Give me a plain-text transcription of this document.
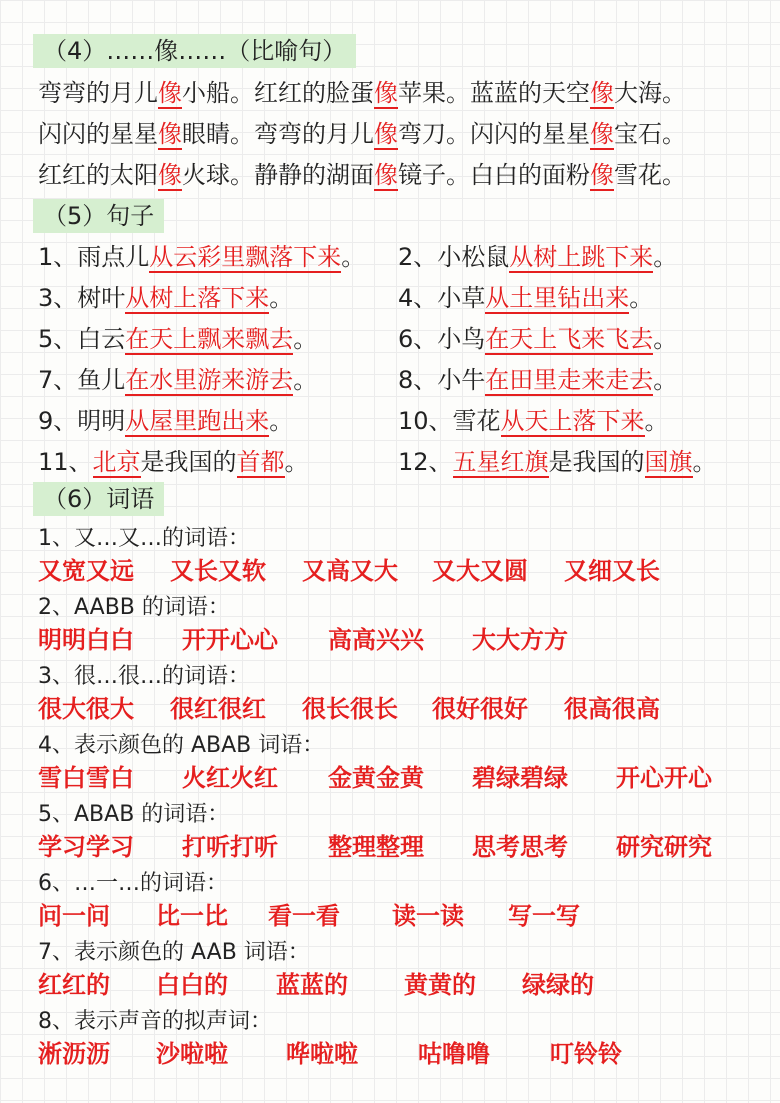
（4）……像……（比喻句）
弯弯的月儿像小船。红红的脸蛋像苹果。蓝蓝的天空像大海。
闪闪的星星像眼睛。弯弯的月儿像弯刀。闪闪的星星像宝石。
红红的太阳像火球。静静的湖面像镜子。白白的面粉像雪花。
（5）句子
1、雨点儿从云彩里飘落下来。 2、小松鼠从树上跳下来。
3、树叶从树上落下来。	4、小草从土里钻出来。
5、白云在天上飘来飘去。	6、小鸟在天上飞来飞去。
7、鱼儿在水里游来游去。	8、小牛在田里走来走去。
9、明明从屋里跑出来。	10、雪花从天上落下来。
11、北京是我国的首都。	12、五星红旗是我国的国旗。
（6）词语
1、又…又…的词语：
又宽又远 又长又软 又高又大 又大又圆 又细又长
2、AABB 的词语：
明明白白 开开心心 高高兴兴 大大方方
3、很…很…的词语：
很大很大 很红很红 很长很长 很好很好 很高很高
4、表示颜色的 ABAB 词语：
雪白雪白 火红火红 金黄金黄 碧绿碧绿 开心开心
5、ABAB 的词语：
学习学习 打听打听 整理整理 思考思考 研究研究
6、…一…的词语：
问一问 比一比 看一看 读一读 写一写
7、表示颜色的 AAB 词语：
红红的 白白的 蓝蓝的 黄黄的 绿绿的
8、表示声音的拟声词：
淅沥沥 沙啦啦 哗啦啦	咕噜噜	叮铃铃
